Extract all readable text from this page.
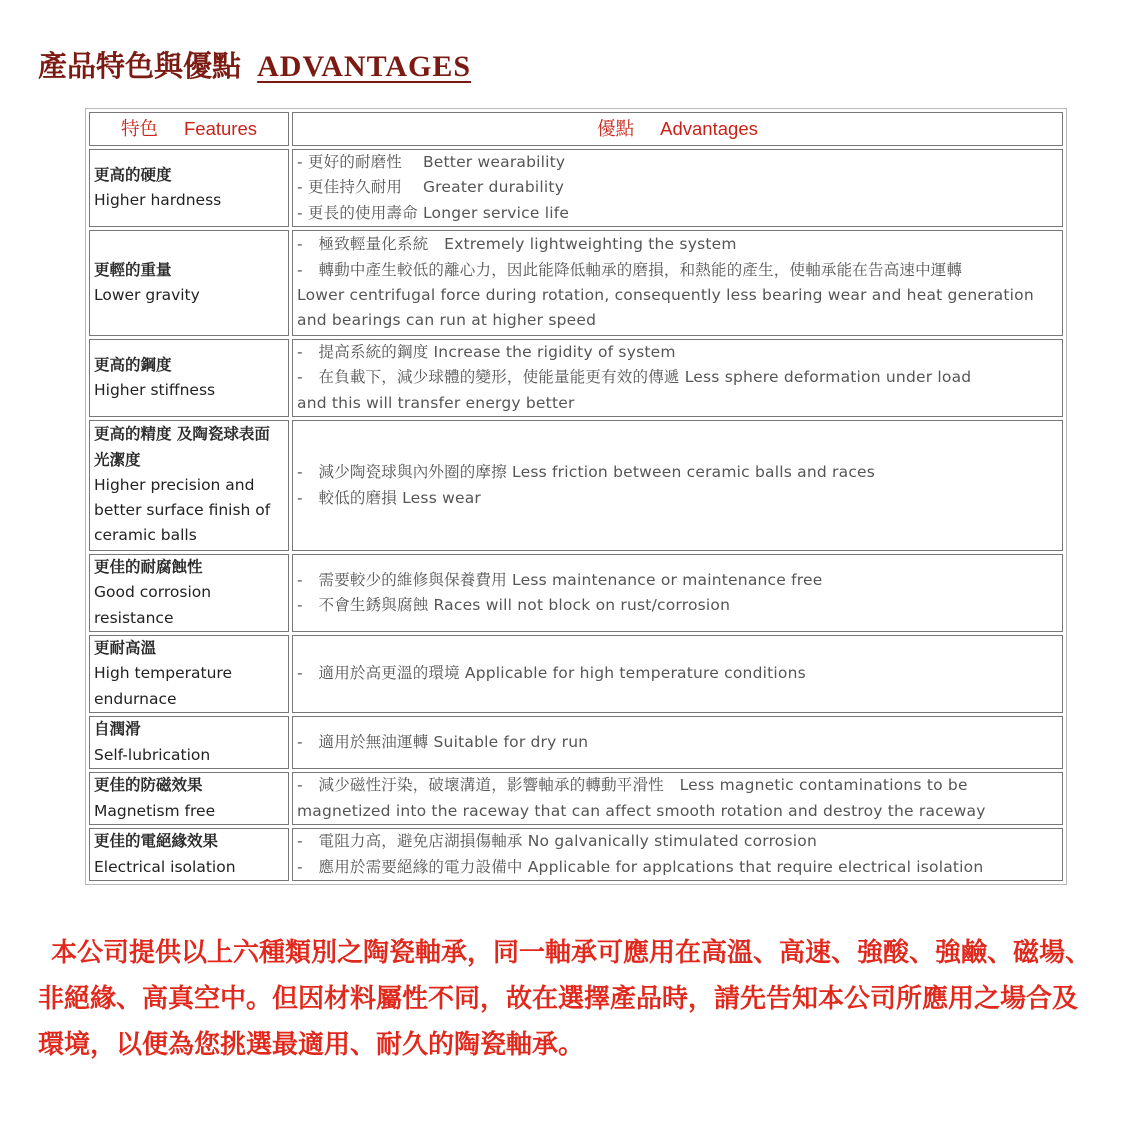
產品特色與優點 ADVANTAGES
特色 Features	優點 Advantages

更高的硬度
Higher hardness	- 更好的耐磨性　 Better wearability
- 更佳持久耐用　 Greater durability
- 更長的使用壽命 Longer service life

更輕的重量
Lower gravity	-　極致輕量化系統　Extremely lightweighting the system
-　轉動中產生較低的離心力，因此能降低軸承的磨損，和熱能的產生，使軸承能在告高速中運轉
Lower centrifugal force during rotation, consequently less bearing wear and heat generation
and bearings can run at higher speed

更高的鋼度
Higher stiffness	-　提高系統的鋼度 Increase the rigidity of system
-　在負載下，減少球體的變形，使能量能更有效的傳遞 Less sphere deformation under load
and this will transfer energy better

更高的精度 及陶瓷球表面光潔度
Higher precision and better surface finish of ceramic balls	-　減少陶瓷球與內外圈的摩擦 Less friction between ceramic balls and races
-　較低的磨損 Less wear

更佳的耐腐蝕性
Good corrosion resistance	-　需要較少的維修與保養費用 Less maintenance or maintenance free
-　不會生銹與腐蝕 Races will not block on rust/corrosion

更耐高溫
High temperature endurnace	-　適用於高更溫的環境 Applicable for high temperature conditions

自潤滑
Self-lubrication	-　適用於無油運轉 Suitable for dry run

更佳的防磁效果
Magnetism free	-　減少磁性汙染，破壞溝道，影響軸承的轉動平滑性　Less magnetic contaminations to be
magnetized into the raceway that can affect smooth rotation and destroy the raceway

更佳的電絕緣效果
Electrical isolation	-　電阻力高，避免店湖損傷軸承 No galvanically stimulated corrosion
-　應用於需要絕緣的電力設備中 Applicable for applcations that require electrical isolation

本公司提供以上六種類別之陶瓷軸承，同一軸承可應用在高溫、高速、強酸、強鹼、磁場、非絕緣、高真空中。但因材料屬性不同，故在選擇產品時，請先告知本公司所應用之場合及環境，以便為您挑選最適用、耐久的陶瓷軸承。
